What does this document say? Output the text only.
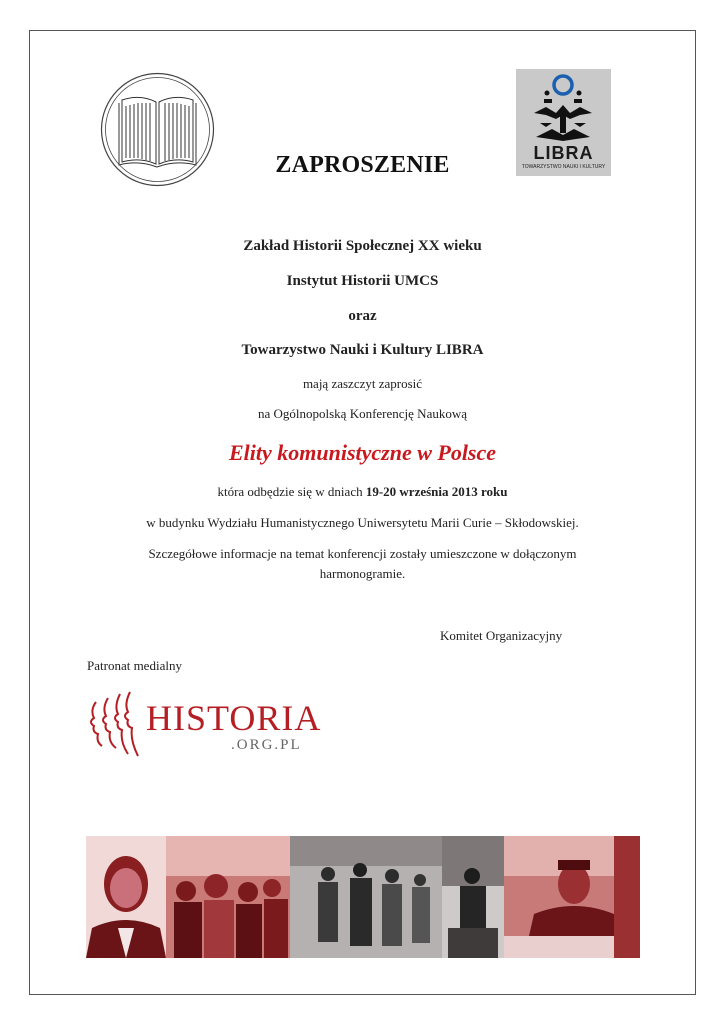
LIBRA
TOWARZYSTWO NAUKI I KULTURY
ZAPROSZENIE
Zakład Historii Społecznej XX wieku
Instytut Historii UMCS
oraz
Towarzystwo Nauki i Kultury LIBRA
mają zaszczyt zaprosić
na Ogólnopolską Konferencję Naukową
Elity komunistyczne w Polsce
która odbędzie się w dniach 19-20 września 2013 roku
w budynku Wydziału Humanistycznego Uniwersytetu Marii Curie – Skłodowskiej.
Szczegółowe informacje na temat konferencji zostały umieszczone w dołączonym
harmonogramie.
Komitet Organizacyjny
Patronat medialny
HISTORIA
.ORG.PL
